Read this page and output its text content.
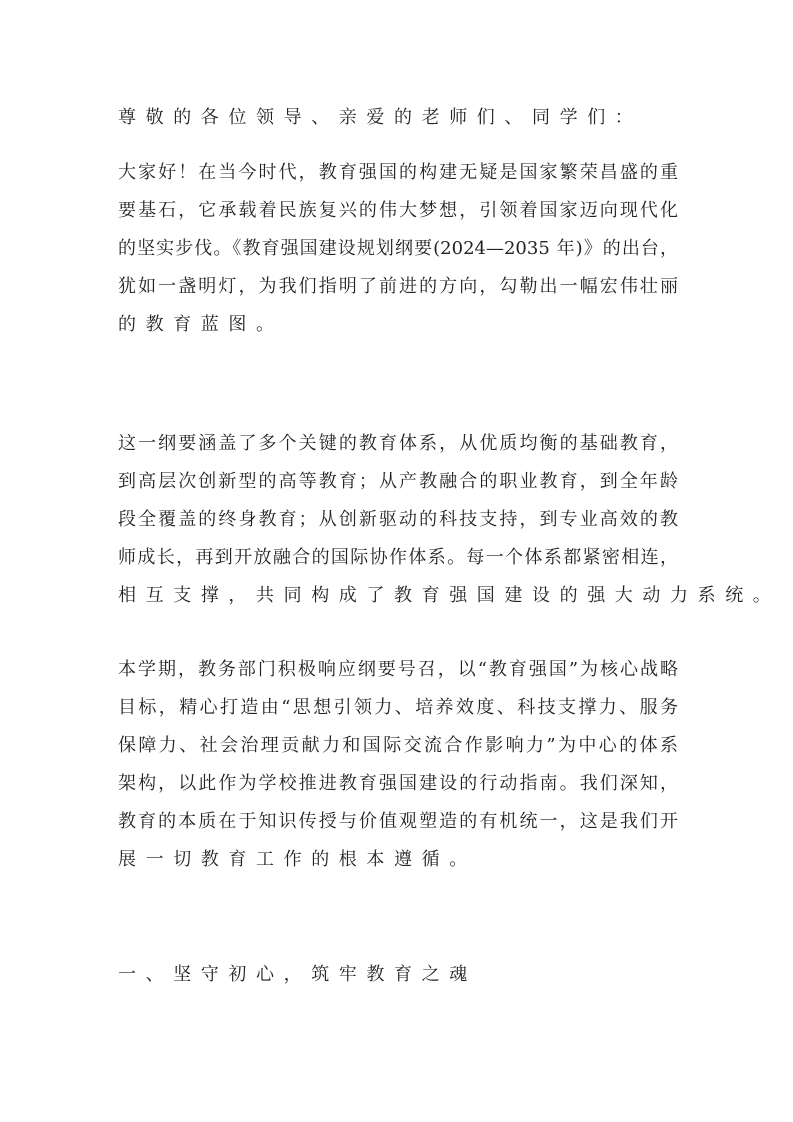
尊敬的各位领导、亲爱的老师们、同学们：
大家好！在当今时代，教育强国的构建无疑是国家繁荣昌盛的重
要基石，它承载着民族复兴的伟大梦想，引领着国家迈向现代化
的坚实步伐。《教育强国建设规划纲要(2024—2035 年)》的出台，
犹如一盏明灯，为我们指明了前进的方向，勾勒出一幅宏伟壮丽
的教育蓝图。
这一纲要涵盖了多个关键的教育体系，从优质均衡的基础教育，
到高层次创新型的高等教育；从产教融合的职业教育，到全年龄
段全覆盖的终身教育；从创新驱动的科技支持，到专业高效的教
师成长，再到开放融合的国际协作体系。每一个体系都紧密相连，
相互支撑，共同构成了教育强国建设的强大动力系统。
本学期，教务部门积极响应纲要号召，以“教育强国”为核心战略
目标，精心打造由“思想引领力、培养效度、科技支撑力、服务
保障力、社会治理贡献力和国际交流合作影响力”为中心的体系
架构，以此作为学校推进教育强国建设的行动指南。我们深知，
教育的本质在于知识传授与价值观塑造的有机统一，这是我们开
展一切教育工作的根本遵循。
一、坚守初心，筑牢教育之魂
